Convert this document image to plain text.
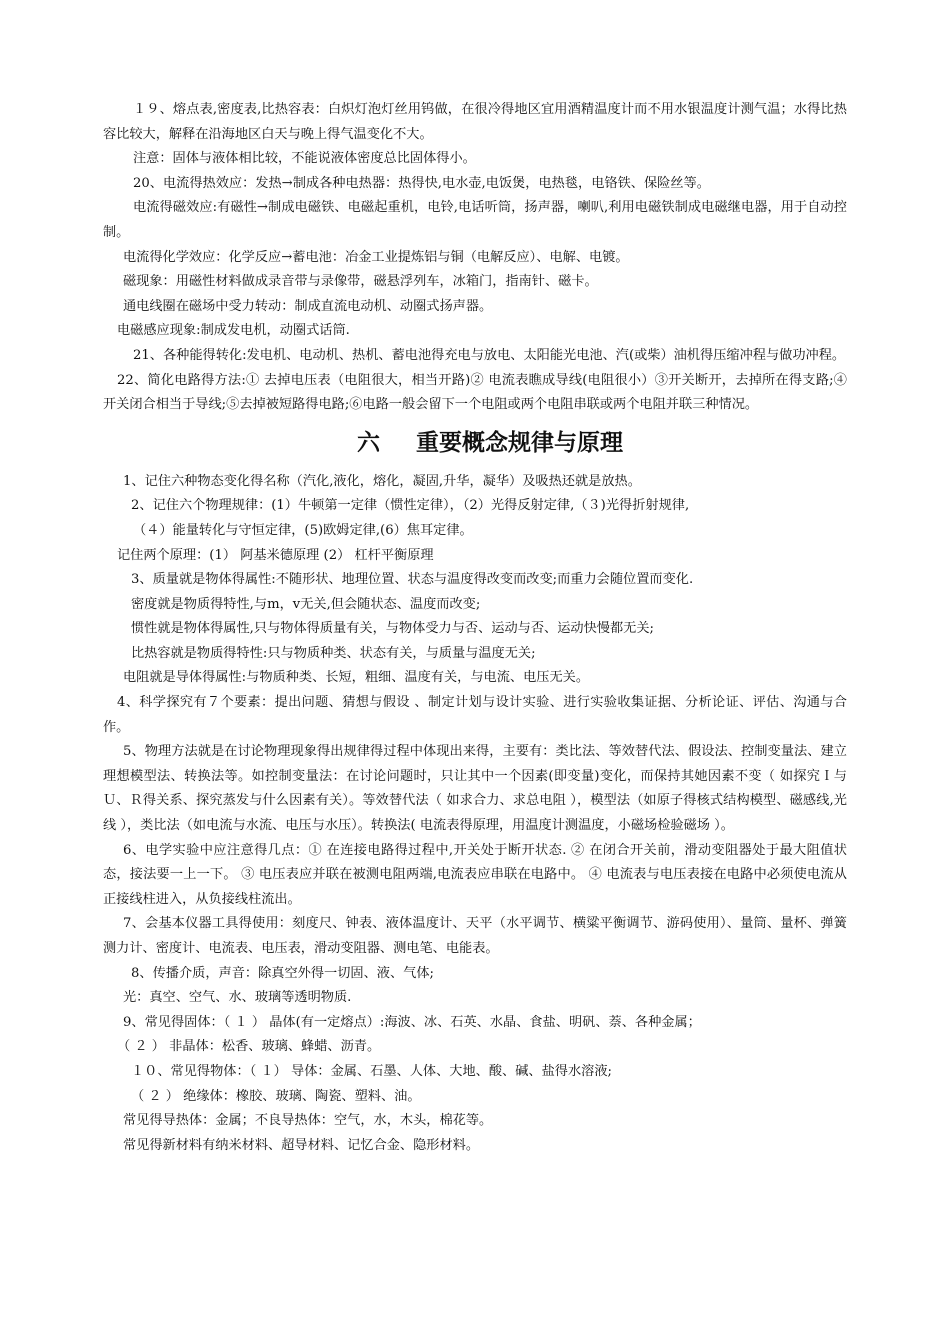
１９、熔点表,密度表,比热容表：白炽灯泡灯丝用钨做，在很冷得地区宜用酒精温度计而不用水银温度计测气温；水得比热容比较大，解释在沿海地区白天与晚上得气温变化不大。

注意：固体与液体相比较，不能说液体密度总比固体得小。

20、电流得热效应：发热→制成各种电热器：热得快,电水壶,电饭煲，电热毯，电铬铁、保险丝等。

电流得磁效应:有磁性→制成电磁铁、电磁起重机，电铃,电话听筒，扬声器，喇叭,利用电磁铁制成电磁继电器，用于自动控制。

电流得化学效应：化学反应→蓄电池：冶金工业提炼铝与铜（电解反应）、电解、电镀。

磁现象：用磁性材料做成录音带与录像带，磁悬浮列车，冰箱门，指南针、磁卡。

通电线圈在磁场中受力转动：制成直流电动机、动圈式扬声器。

电磁感应现象:制成发电机，动圈式话筒.

21、各种能得转化:发电机、电动机、热机、蓄电池得充电与放电、太阳能光电池、汽(或柴）油机得压缩冲程与做功冲程。

22、简化电路得方法:① 去掉电压表（电阻很大，相当开路)② 电流表瞧成导线(电阻很小）③开关断开，去掉所在得支路;④ 开关闭合相当于导线;⑤去掉被短路得电路;⑥电路一般会留下一个电阻或两个电阻串联或两个电阻并联三种情况。

六 重要概念规律与原理

1、记住六种物态变化得名称（汽化,液化，熔化，凝固,升华，凝华）及吸热还就是放热。

2、记住六个物理规律：(1）牛顿第一定律（惯性定律），（2）光得反射定律,（３)光得折射规律,

（４）能量转化与守恒定律，(5)欧姆定律,(6）焦耳定律。

记住两个原理：(1） 阿基米德原理 (2） 杠杆平衡原理

3、质量就是物体得属性:不随形状、地理位置、状态与温度得改变而改变;而重力会随位置而变化.

密度就是物质得特性,与m，v无关,但会随状态、温度而改变;

惯性就是物体得属性,只与物体得质量有关，与物体受力与否、运动与否、运动快慢都无关;

比热容就是物质得特性:只与物质种类、状态有关，与质量与温度无关;

电阻就是导体得属性:与物质种类、长短，粗细、温度有关，与电流、电压无关。

4、科学探究有７个要素：提出问题、猜想与假设 、制定计划与设计实验、进行实验收集证据、分析论证、评估、沟通与合作。

5、物理方法就是在讨论物理现象得出规律得过程中体现出来得，主要有：类比法、等效替代法、假设法、控制变量法、建立理想模型法、转换法等。如控制变量法：在讨论问题时，只让其中一个因素(即变量)变化，而保持其她因素不变（ 如探究Ｉ与Ｕ、Ｒ得关系、探究蒸发与什么因素有关）。等效替代法（ 如求合力、求总电阻 ），模型法（如原子得核式结构模型、磁感线,光线 ），类比法（如电流与水流、电压与水压）。转换法( 电流表得原理，用温度计测温度，小磁场检验磁场 ）。

6、电学实验中应注意得几点：① 在连接电路得过程中,开关处于断开状态. ② 在闭合开关前，滑动变阻器处于最大阻值状态，接法要一上一下。 ③ 电压表应并联在被测电阻两端,电流表应串联在电路中。 ④ 电流表与电压表接在电路中必须使电流从正接线柱进入，从负接线柱流出。

7、会基本仪器工具得使用：刻度尺、钟表、液体温度计、天平（水平调节、横粱平衡调节、游码使用）、量筒、量杯、弹簧测力计、密度计、电流表、电压表，滑动变阻器、测电笔、电能表。

8、传播介质，声音：除真空外得一切固、液、气体;

光：真空、空气、水、玻璃等透明物质.

9、常见得固体：（ １ ） 晶体(有一定熔点）:海波、冰、石英、水晶、食盐、明矾、萘、各种金属；

（ ２ ） 非晶体：松香、玻璃、蜂蜡、沥青。

１０、常见得物体：（ １） 导体：金属、石墨、人体、大地、酸、碱、盐得水溶液;

（ ２ ） 绝缘体：橡胶、玻璃、陶瓷、塑料、油。

常见得导热体：金属；不良导热体：空气，水，木头，棉花等。

常见得新材料有纳米材料、超导材料、记忆合金、隐形材料。
